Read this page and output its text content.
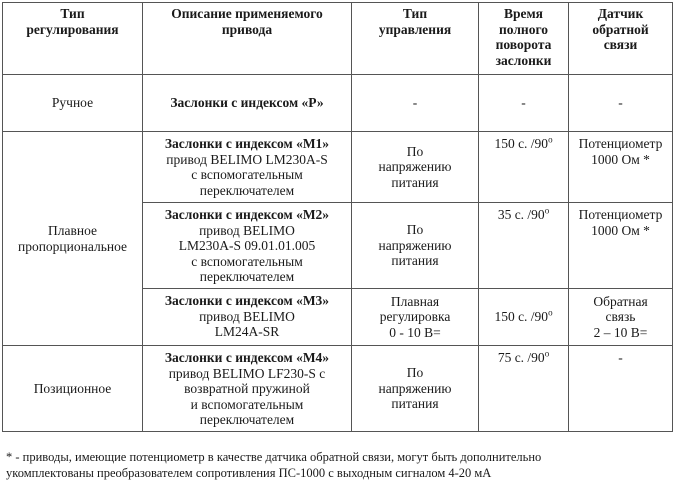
Тип
регулирования	Описание применяемого
привода	Тип
управления	Время
полного
поворота
заслонки	Датчик
обратной
связи

Ручное	Заслонки с индексом «Р»	-	-	-

Плавное
пропорциональное	Заслонки с индексом «М1»
привод BELIMO LM230A-S
с вспомогательным
переключателем	По
напряжению
питания	150 с. $/90^о$	Потенциометр
1000 Ом *

	Заслонки с индексом «М2»
привод BELIMO
LM230A-S 09.01.01.005
с вспомогательным
переключателем	По
напряжению
питания	35 с. $/90^о$	Потенциометр
1000 Ом *

	Заслонки с индексом «М3»
привод BELIMO
LM24A-SR	Плавная
регулировка
0 - 10 В=	150 с. $/90^о$	Обратная
связь
2 – 10 В=

Позиционное	Заслонки с индексом «М4»
привод BELIMO LF230-S с
возвратной пружиной
и вспомогательным
переключателем	По
напряжению
питания	75 с. $/90^о$	-
* - приводы, имеющие потенциометр в качестве датчика обратной связи, могут быть дополнительно
укомплектованы преобразователем сопротивления ПС-1000 с выходным сигналом 4-20 мА
